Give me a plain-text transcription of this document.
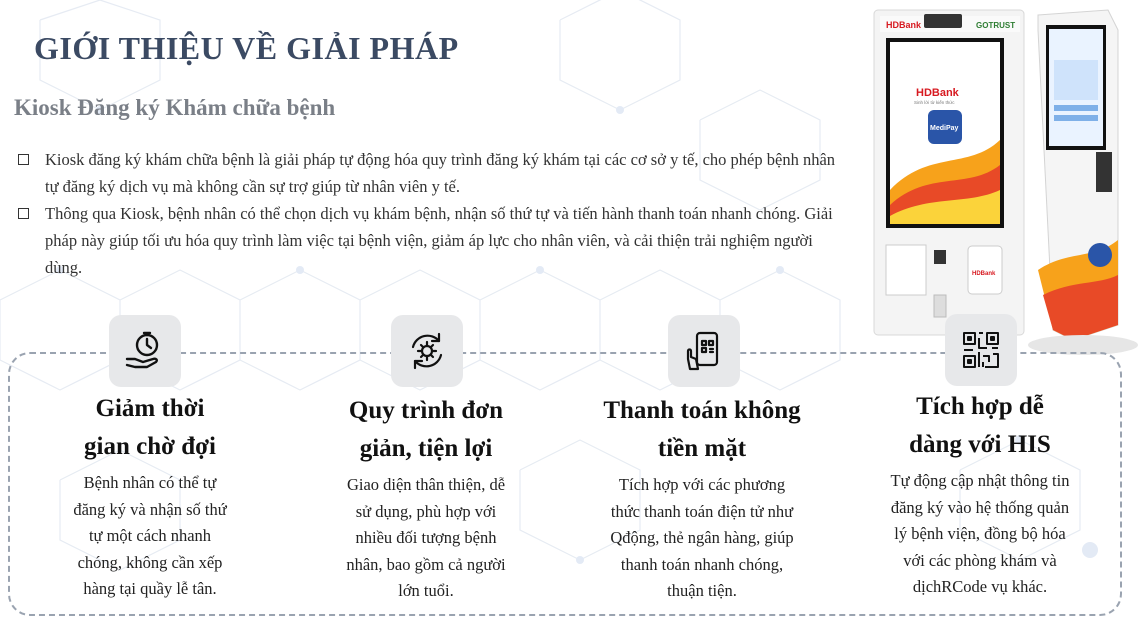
GIỚI THIỆU VỀ GIẢI PHÁP
Kiosk Đăng ký Khám chữa bệnh
Kiosk đăng ký khám chữa bệnh là giải pháp tự động hóa quy trình đăng ký khám tại các cơ sở y tế, cho phép bệnh nhân tự đăng ký dịch vụ mà không cần sự trợ giúp từ nhân viên y tế.
Thông qua Kiosk, bệnh nhân có thể chọn dịch vụ khám bệnh, nhận số thứ tự và tiến hành thanh toán nhanh chóng. Giải pháp này giúp tối ưu hóa quy trình làm việc tại bệnh viện, giảm áp lực cho nhân viên, và cải thiện trải nghiệm người dùng.
HDBank	GOTRUST
HDBank
Sinh lời từ kiến thức
MediPay
HDBank

Giảm thời

gian chờ đợi

Bệnh nhân có thể tự
đăng ký và nhận số thứ
tự một cách nhanh
chóng, không cần xếp
hàng tại quầy lễ tân.

Quy trình đơn

giản, tiện lợi

Giao diện thân thiện, dễ
sử dụng, phù hợp với
nhiều đối tượng bệnh
nhân, bao gồm cả người
lớn tuổi.

Thanh toán không

tiền mặt

Tích hợp với các phương
thức thanh toán điện tử như
Qđộng, thẻ ngân hàng, giúp
thanh toán nhanh chóng,
thuận tiện.

Tích hợp dễ

dàng với HIS

Tự động cập nhật thông tin
đăng ký vào hệ thống quản
lý bệnh viện, đồng bộ hóa
với các phòng khám và
dịchRCode vụ khác.
